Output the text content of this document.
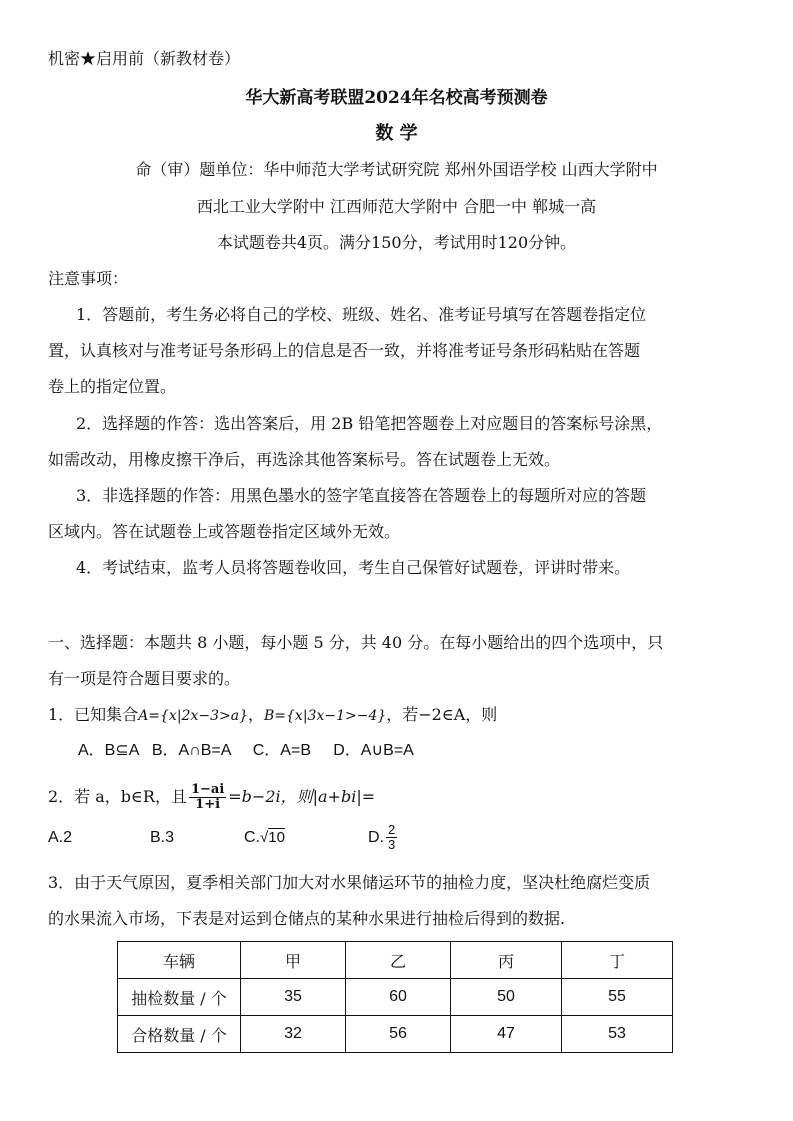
机密★启用前（新教材卷）
华大新高考联盟2024年名校高考预测卷
数 学
命（审）题单位：华中师范大学考试研究院 郑州外国语学校 山西大学附中
西北工业大学附中 江西师范大学附中 合肥一中 郸城一高
本试题卷共4页。满分150分，考试用时120分钟。
注意事项：
1．答题前，考生务必将自己的学校、班级、姓名、准考证号填写在答题卷指定位
置，认真核对与准考证号条形码上的信息是否一致，并将准考证号条形码粘贴在答题
卷上的指定位置。
2．选择题的作答：选出答案后，用 2B 铅笔把答题卷上对应题目的答案标号涂黑，
如需改动，用橡皮擦干净后，再选涂其他答案标号。答在试题卷上无效。
3．非选择题的作答：用黑色墨水的签字笔直接答在答题卷上的每题所对应的答题
区域内。答在试题卷上或答题卷指定区域外无效。
4．考试结束，监考人员将答题卷收回，考生自己保管好试题卷，评讲时带来。
一、选择题：本题共 8 小题，每小题 5 分，共 40 分。在每小题给出的四个选项中，只
有一项是符合题目要求的。
1．已知集合A={x|2x−3>a}，B={x|3x−1>−4}，若−2∈A，则
A．B⊆A   B．A∩B=A     C．A=B     D．A∪B=A
2．若 a，b∈R，且 $\frac{1-ai}{1+i} =b-2i$，则|a+bi|=
A.2	B.3	C.√10	D. $\frac{2}{3}$
3．由于天气原因，夏季相关部门加大对水果储运环节的抽检力度，坚决杜绝腐烂变质
的水果流入市场，下表是对运到仓储点的某种水果进行抽检后得到的数据.
车辆	甲	乙	丙	丁
抽检数量 / 个	35	60	50	55
合格数量 / 个	32	56	47	53
